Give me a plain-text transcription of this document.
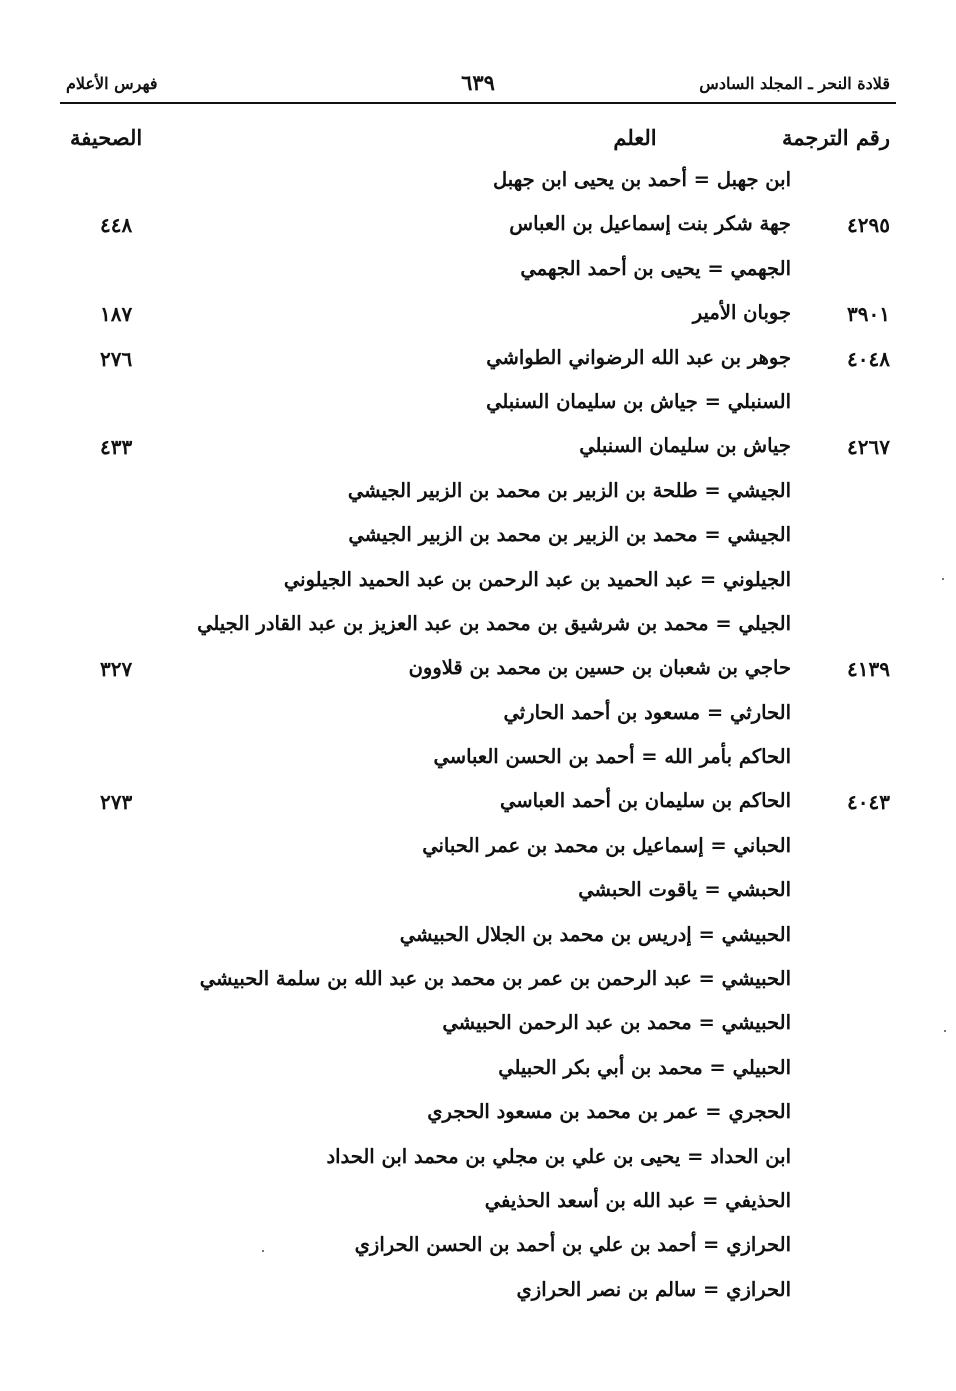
قلادة النحر ـ المجلد السادس
٦٣٩
فهرس الأعلام
رقم الترجمة
العلم
الصحيفة
ابن جهبل = أحمد بن يحيى ابن جهبل
٤٢٩٥
جهة شكر بنت إسماعيل بن العباس
٤٤٨
الجهمي = يحيى بن أحمد الجهمي
٣٩٠١
جوبان الأمير
١٨٧
٤٠٤٨
جوهر بن عبد الله الرضواني الطواشي
٢٧٦
السنبلي = جياش بن سليمان السنبلي
٤٢٦٧
جياش بن سليمان السنبلي
٤٣٣
الجيشي = طلحة بن الزبير بن محمد بن الزبير الجيشي
الجيشي = محمد بن الزبير بن محمد بن الزبير الجيشي
الجيلوني = عبد الحميد بن عبد الرحمن بن عبد الحميد الجيلوني
الجيلي = محمد بن شرشيق بن محمد بن عبد العزيز بن عبد القادر الجيلي
٤١٣٩
حاجي بن شعبان بن حسين بن محمد بن قلاوون
٣٢٧
الحارثي = مسعود بن أحمد الحارثي
الحاكم بأمر الله = أحمد بن الحسن العباسي
٤٠٤٣
الحاكم بن سليمان بن أحمد العباسي
٢٧٣
الحباني = إسماعيل بن محمد بن عمر الحباني
الحبشي = ياقوت الحبشي
الحبيشي = إدريس بن محمد بن الجلال الحبيشي
الحبيشي = عبد الرحمن بن عمر بن محمد بن عبد الله بن سلمة الحبيشي
الحبيشي = محمد بن عبد الرحمن الحبيشي
الحبيلي = محمد بن أبي بكر الحبيلي
الحجري = عمر بن محمد بن مسعود الحجري
ابن الحداد = يحيى بن علي بن مجلي بن محمد ابن الحداد
الحذيفي = عبد الله بن أسعد الحذيفي
الحرازي = أحمد بن علي بن أحمد بن الحسن الحرازي
الحرازي = سالم بن نصر الحرازي
